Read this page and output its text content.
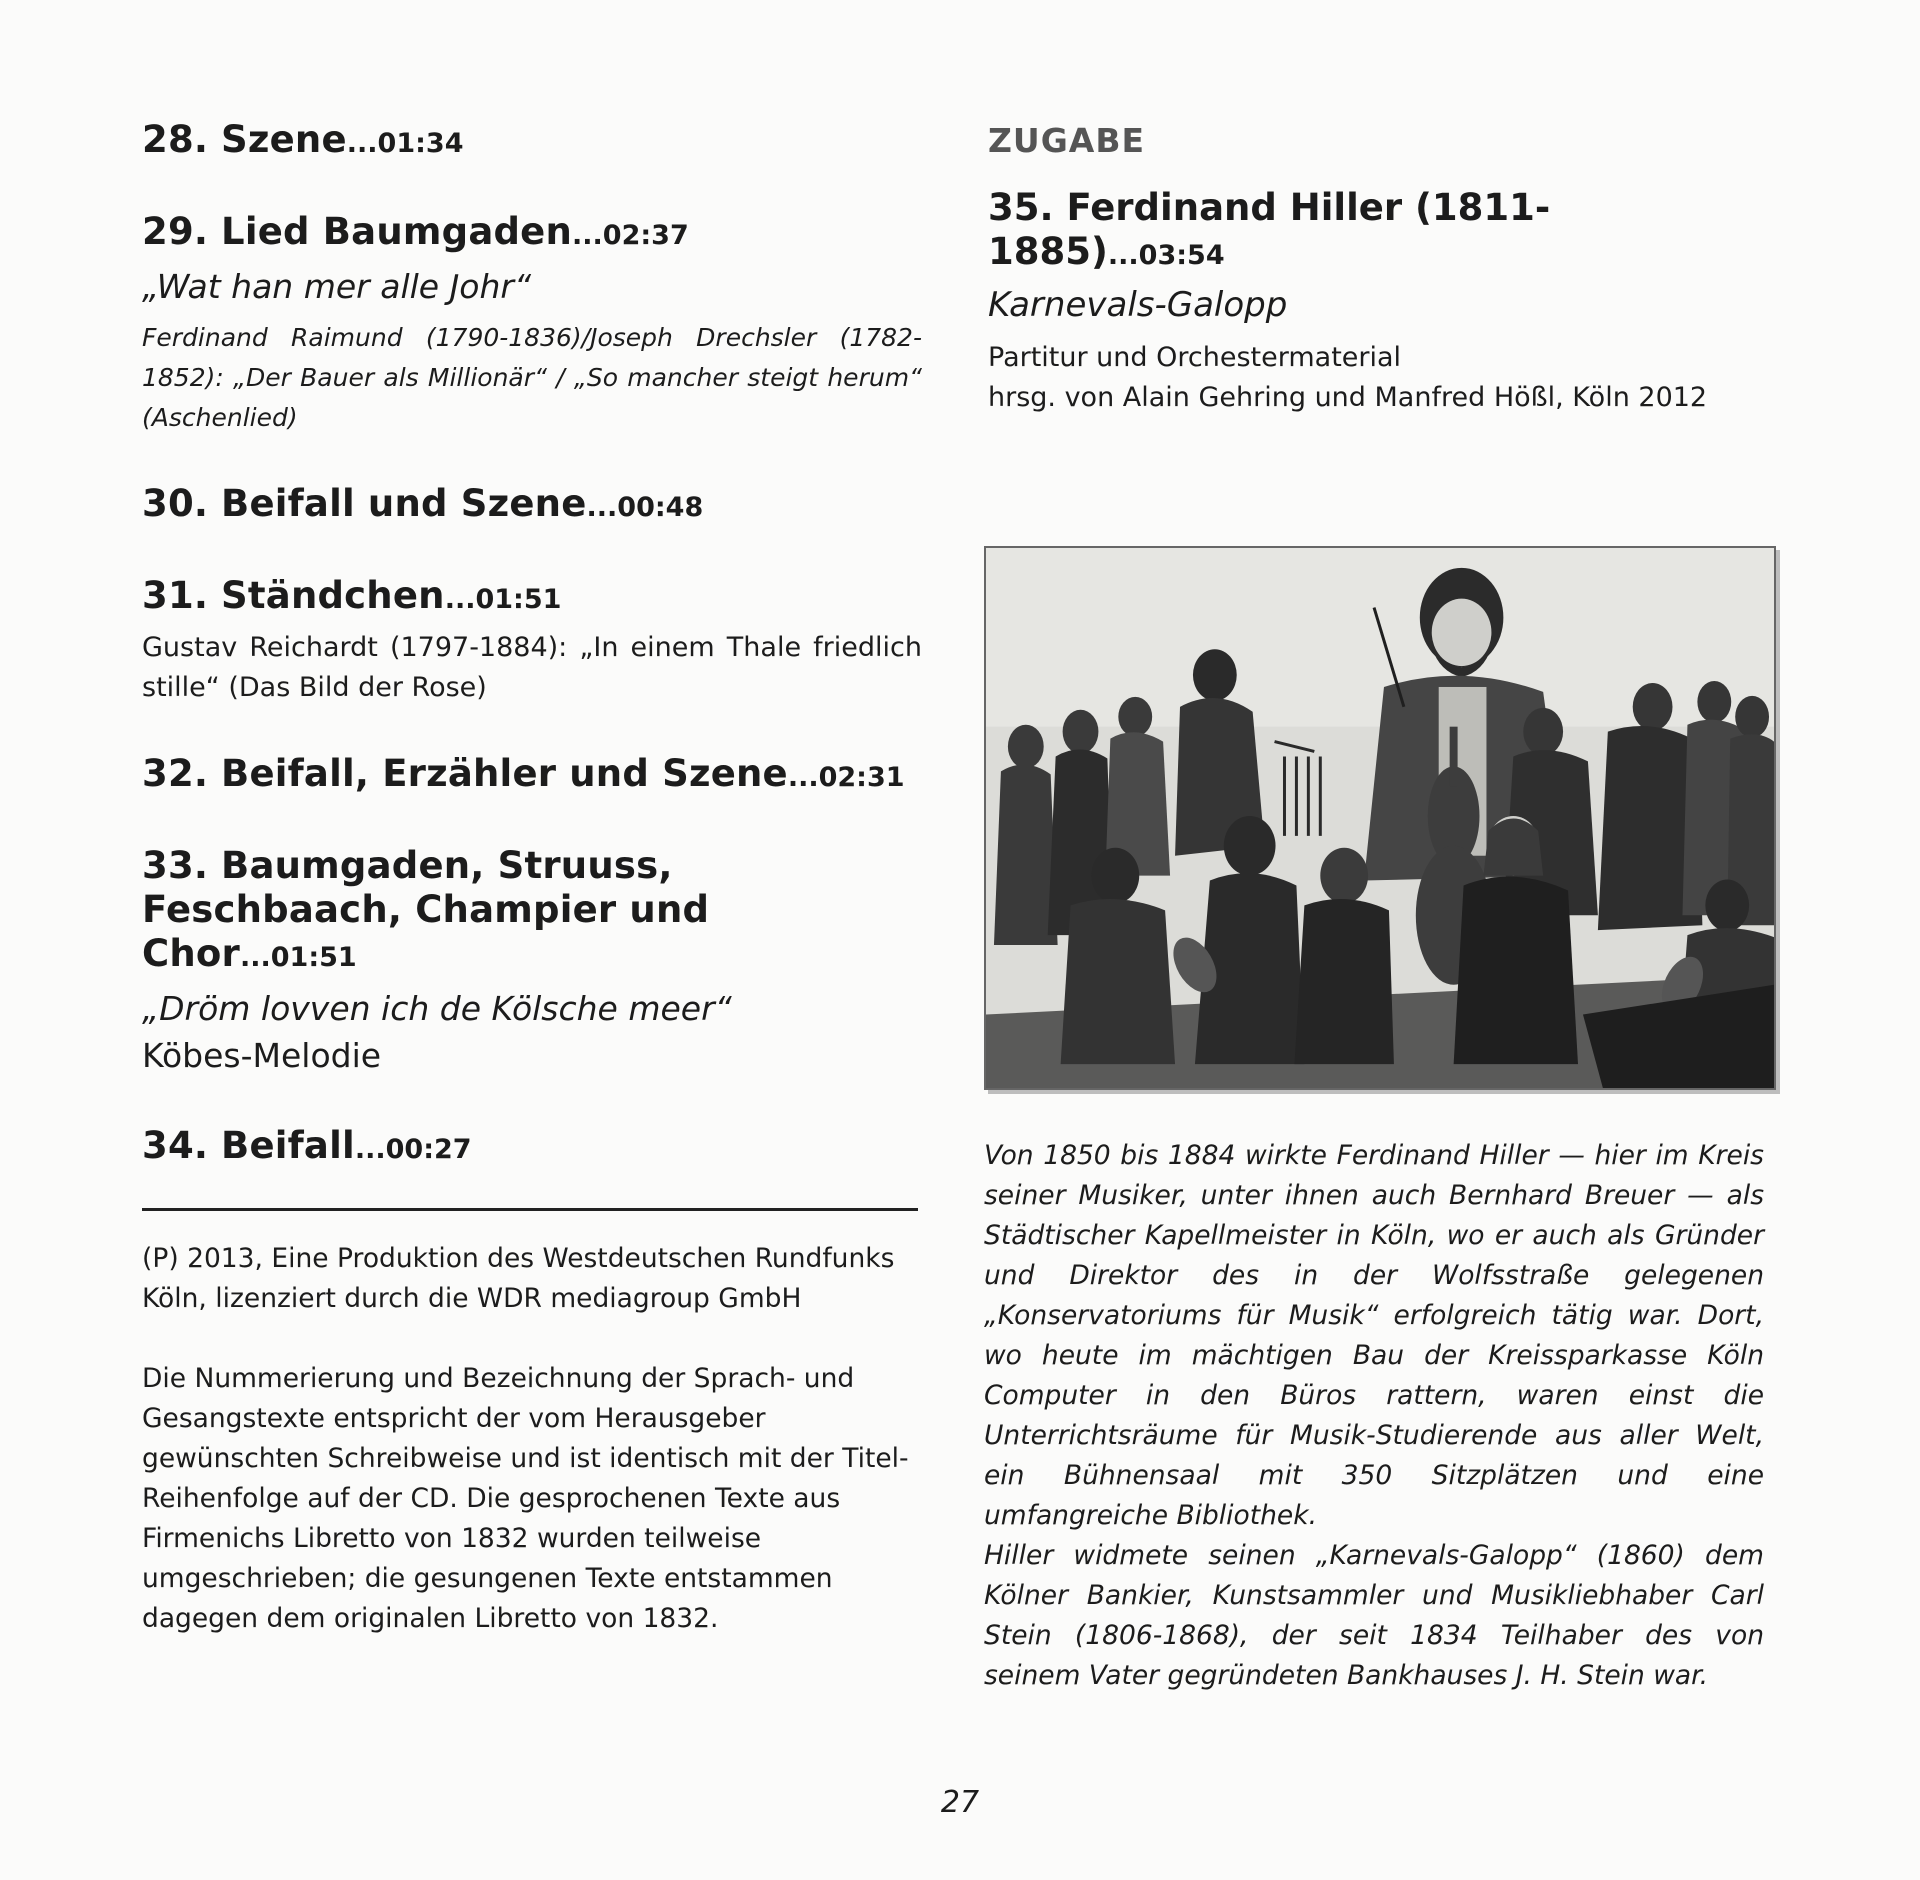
28. Szene...01:34
29. Lied Baumgaden...02:37
„Wat han mer alle Johr“
Ferdinand Raimund (1790-1836)/Joseph Drechsler (1782-1852): „Der Bauer als Millionär“ / „So mancher steigt herum“ (Aschenlied)
30. Beifall und Szene...00:48
31. Ständchen...01:51
Gustav Reichardt (1797-1884): „In einem Thale friedlich stille“ (Das Bild der Rose)
32. Beifall, Erzähler und Szene...02:31
33. Baumgaden, Struuss, Feschbaach, Champier und Chor...01:51
„Dröm lovven ich de Kölsche meer“
Köbes-Melodie
34. Beifall...00:27
(P) 2013, Eine Produktion des Westdeutschen Rundfunks Köln, lizenziert durch die WDR mediagroup GmbH
Die Nummerierung und Bezeichnung der Sprach- und Gesangstexte entspricht der vom Herausgeber gewünschten Schreibweise und ist identisch mit der Titel-Reihenfolge auf der CD. Die gesprochenen Texte aus Firmenichs Libretto von 1832 wurden teilweise umgeschrieben; die gesungenen Texte entstammen dagegen dem originalen Libretto von 1832.
ZUGABE
35. Ferdinand Hiller (1811-1885)...03:54
Karnevals-Galopp
Partitur und Orchestermaterial
hrsg. von Alain Gehring und Manfred Hößl, Köln 2012

Von 1850 bis 1884 wirkte Ferdinand Hiller — hier im Kreis seiner Musiker, unter ihnen auch Bernhard Breuer — als Städtischer Kapellmeister in Köln, wo er auch als Gründer und Direktor des in der Wolfsstraße gelegenen „Konservatoriums für Musik“ erfolgreich tätig war. Dort, wo heute im mächtigen Bau der Kreissparkasse Köln Computer in den Büros rattern, waren einst die Unterrichtsräume für Musik-Studierende aus aller Welt, ein Bühnensaal mit 350 Sitzplätzen und eine umfangreiche Bibliothek.

Hiller widmete seinen „Karnevals-Galopp“ (1860) dem Kölner Bankier, Kunstsammler und Musikliebhaber Carl Stein (1806-1868), der seit 1834 Teilhaber des von seinem Vater gegründeten Bankhauses J. H. Stein war.

27
